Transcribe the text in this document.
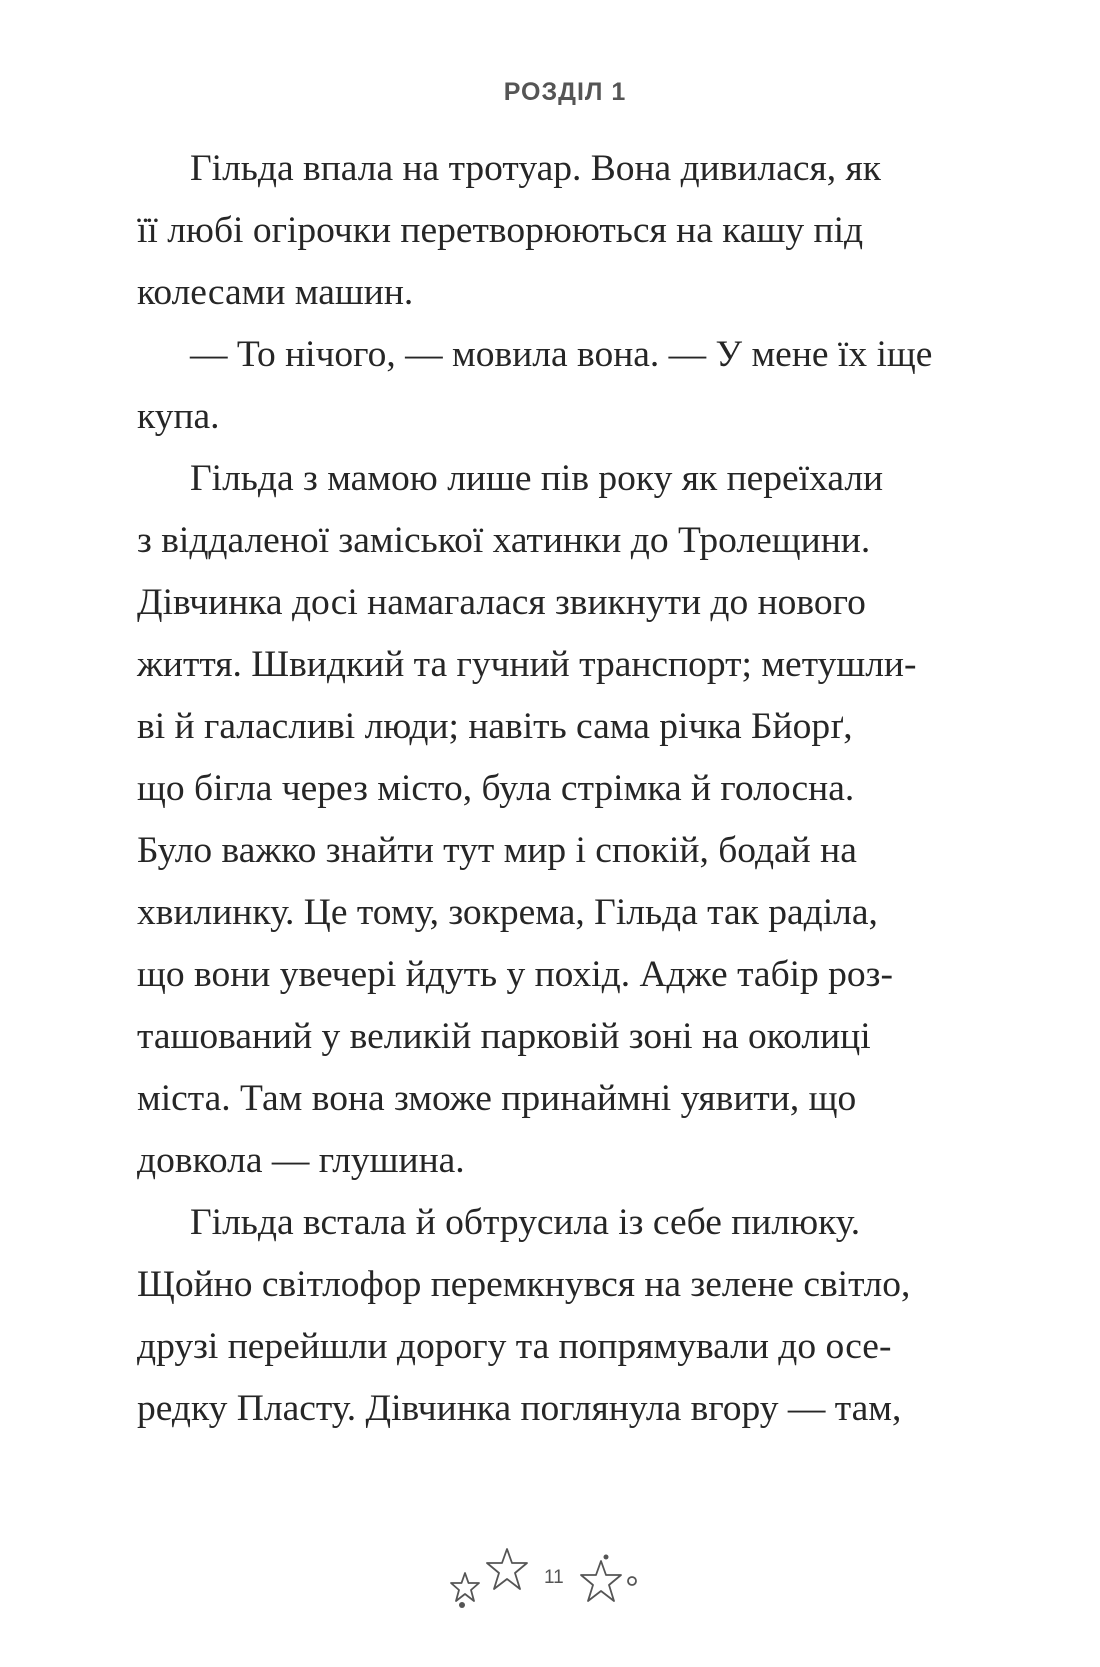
РОЗДІЛ 1
Гільда впала на тротуар. Вона дивилася, як
її любі огірочки перетворюються на кашу під
колесами машин.
— То нічого, — мовила вона. — У мене їх іще
купа.
Гільда з мамою лише пів року як переїхали
з віддаленої заміської хатинки до Тролещини.
Дівчинка досі намагалася звикнути до нового
життя. Швидкий та гучний транспорт; метушли-
ві й галасливі люди; навіть сама річка Бйорґ,
що бігла через місто, була стрімка й голосна.
Було важко знайти тут мир і спокій, бодай на
хвилинку. Це тому, зокрема, Гільда так раділа,
що вони увечері йдуть у похід. Адже табір роз-
ташований у великій парковій зоні на околиці
міста. Там вона зможе принаймні уявити, що
довкола — глушина.
Гільда встала й обтрусила із себе пилюку.
Щойно світлофор перемкнувся на зелене світло,
друзі перейшли дорогу та попрямували до осе-
редку Пласту. Дівчинка поглянула вгору — там,
11
